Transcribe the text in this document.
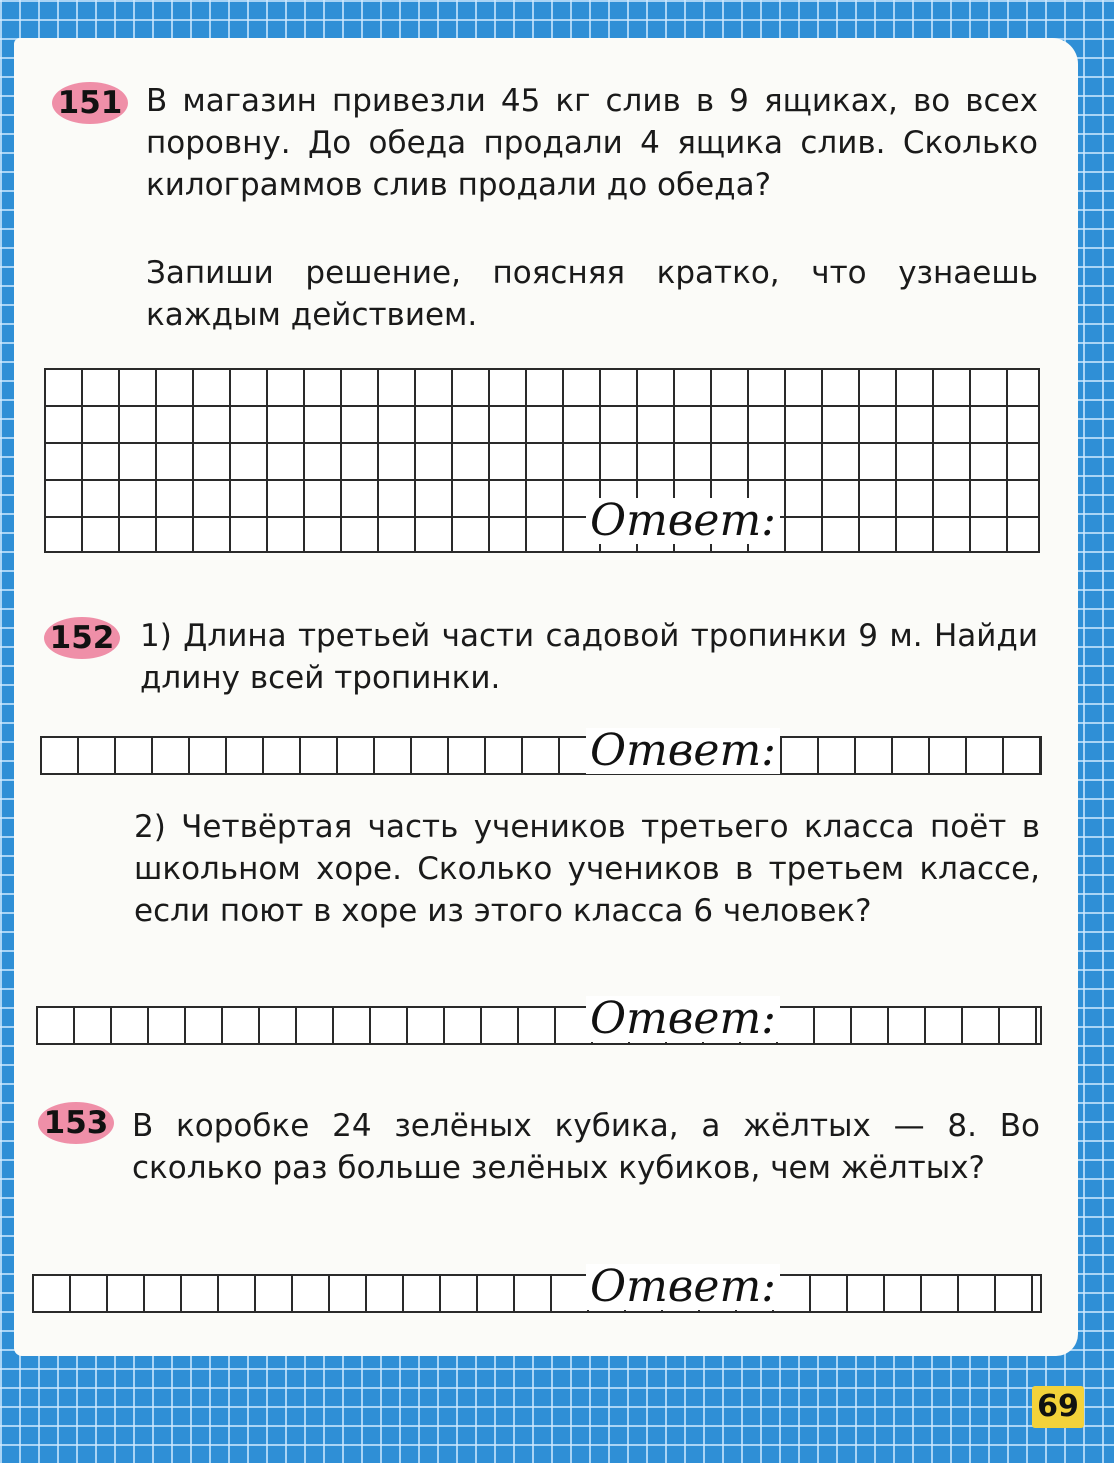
151 В магазин привезли 45 кг слив в 9 ящиках, во всех поровну. До обеда продали 4 ящика слив. Сколько килограммов слив продали до обеда?

Запиши решение, поясняя кратко, что узнаешь каждым действием.

Ответ:
152 1) Длина третьей части садовой тропинки 9 м. Найди длину всей тропинки.

Ответ:

2) Четвёртая часть учеников третьего класса поёт в школьном хоре. Сколько учеников в третьем классе, если поют в хоре из этого класса 6 человек?

Ответ:
153 В коробке 24 зелёных кубика, а жёлтых — 8. Во сколько раз больше зелёных кубиков, чем жёлтых?

Ответ:
69
